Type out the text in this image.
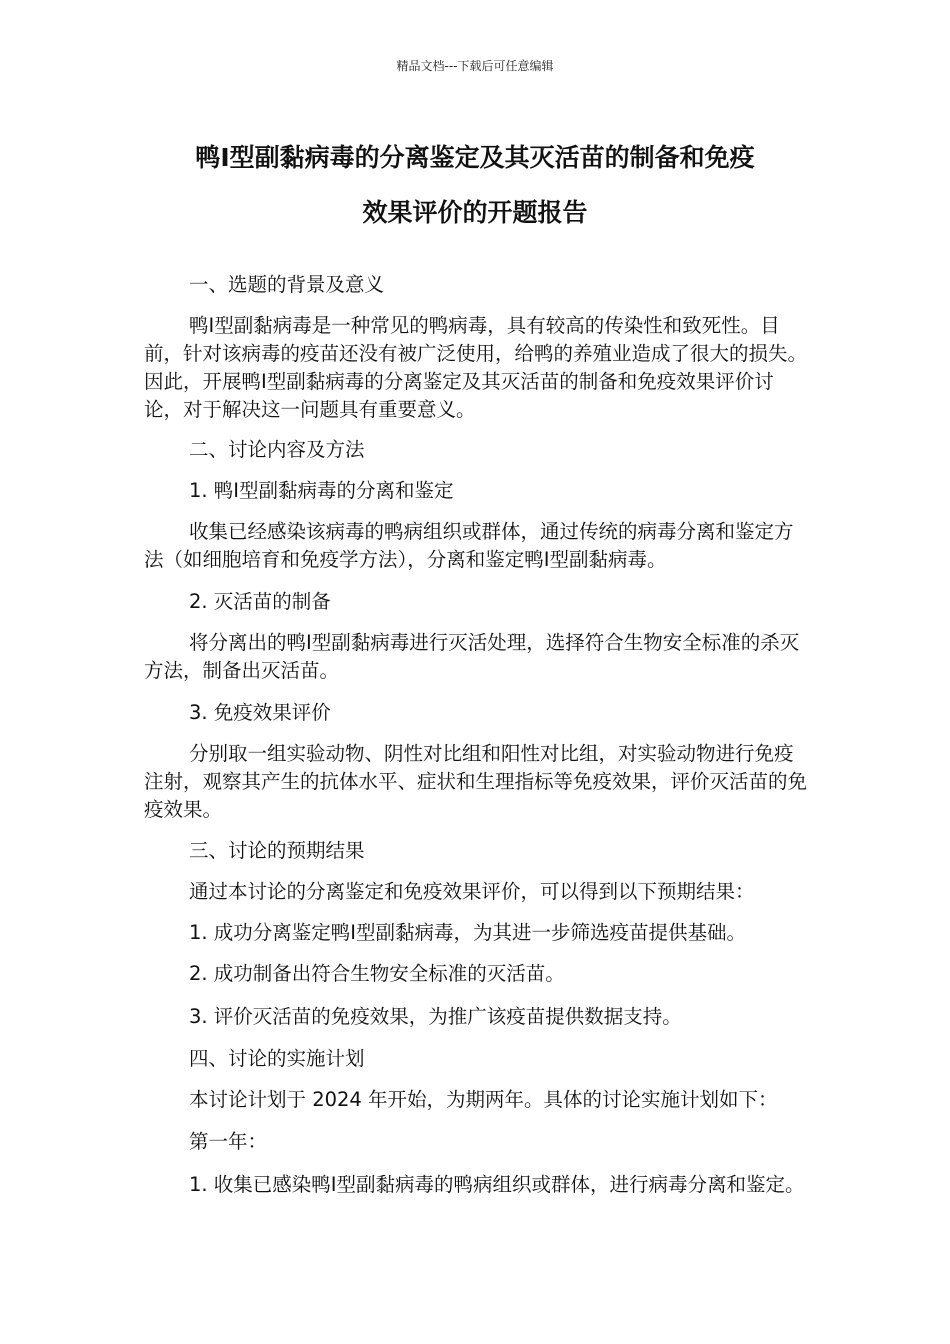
精品文档---下载后可任意编辑
鸭Ⅰ型副黏病毒的分离鉴定及其灭活苗的制备和免疫
效果评价的开题报告
一、选题的背景及意义
鸭Ⅰ型副黏病毒是一种常见的鸭病毒，具有较高的传染性和致死性。目前，针对该病毒的疫苗还没有被广泛使用，给鸭的养殖业造成了很大的损失。因此，开展鸭Ⅰ型副黏病毒的分离鉴定及其灭活苗的制备和免疫效果评价讨论，对于解决这一问题具有重要意义。
二、讨论内容及方法
1. 鸭Ⅰ型副黏病毒的分离和鉴定
收集已经感染该病毒的鸭病组织或群体，通过传统的病毒分离和鉴定方法（如细胞培育和免疫学方法），分离和鉴定鸭Ⅰ型副黏病毒。
2. 灭活苗的制备
将分离出的鸭Ⅰ型副黏病毒进行灭活处理，选择符合生物安全标准的杀灭方法，制备出灭活苗。
3. 免疫效果评价
分别取一组实验动物、阴性对比组和阳性对比组，对实验动物进行免疫注射，观察其产生的抗体水平、症状和生理指标等免疫效果，评价灭活苗的免疫效果。
三、讨论的预期结果
通过本讨论的分离鉴定和免疫效果评价，可以得到以下预期结果：
1. 成功分离鉴定鸭Ⅰ型副黏病毒，为其进一步筛选疫苗提供基础。
2. 成功制备出符合生物安全标准的灭活苗。
3. 评价灭活苗的免疫效果，为推广该疫苗提供数据支持。
四、讨论的实施计划
本讨论计划于 2024 年开始，为期两年。具体的讨论实施计划如下：
第一年：
1. 收集已感染鸭Ⅰ型副黏病毒的鸭病组织或群体，进行病毒分离和鉴定。
